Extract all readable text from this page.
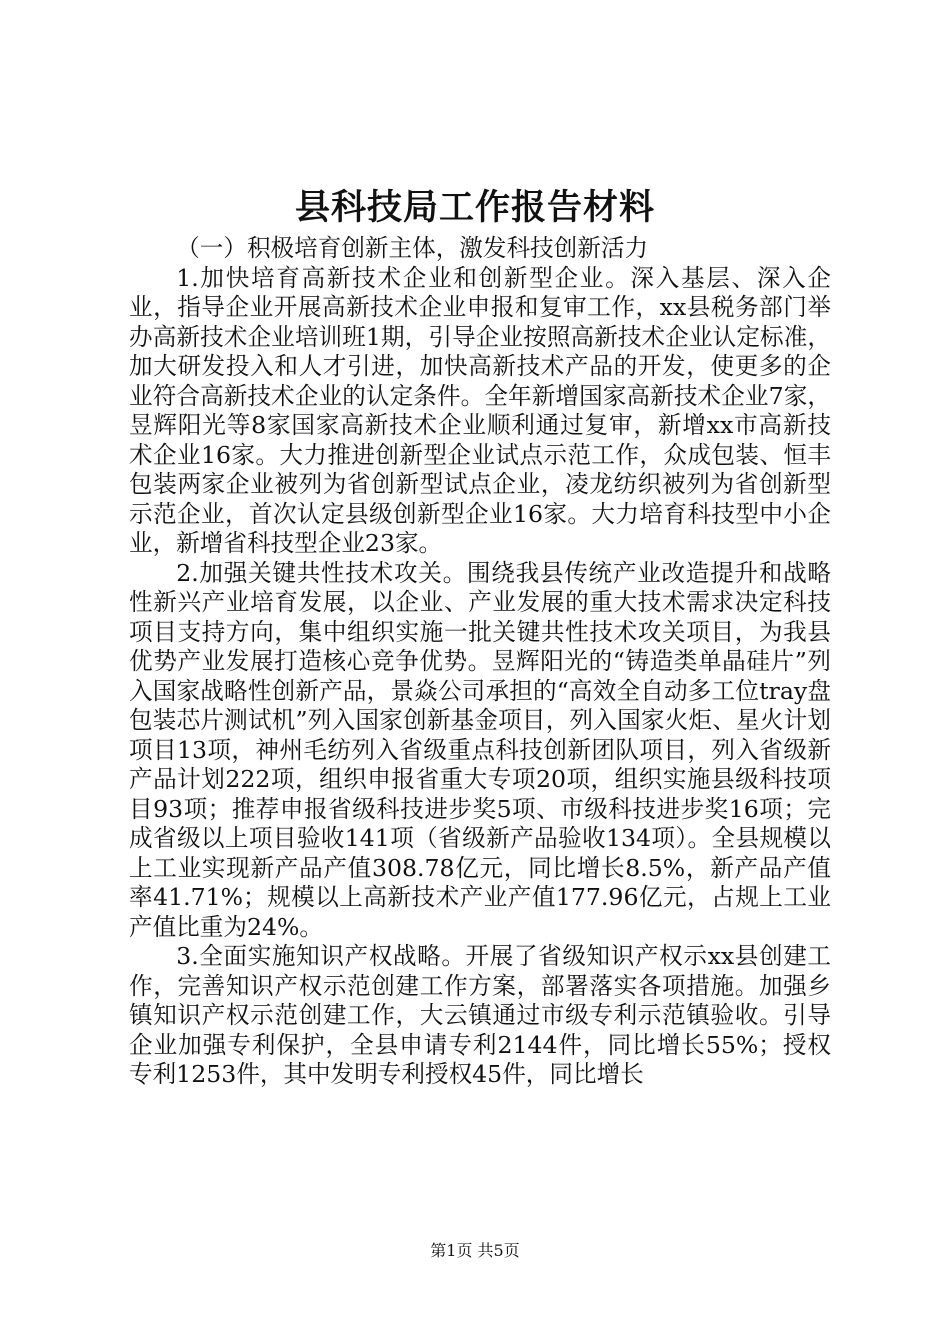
县科技局工作报告材料

（一）积极培育创新主体，激发科技创新活力

1.加快培育高新技术企业和创新型企业。深入基层、深入企业，指导企业开展高新技术企业申报和复审工作，xx县税务部门举办高新技术企业培训班1期，引导企业按照高新技术企业认定标准，加大研发投入和人才引进，加快高新技术产品的开发，使更多的企业符合高新技术企业的认定条件。全年新增国家高新技术企业7家，昱辉阳光等8家国家高新技术企业顺利通过复审，新增xx市高新技术企业16家。大力推进创新型企业试点示范工作，众成包装、恒丰包装两家企业被列为省创新型试点企业，凌龙纺织被列为省创新型示范企业，首次认定县级创新型企业16家。大力培育科技型中小企业，新增省科技型企业23家。

2.加强关键共性技术攻关。围绕我县传统产业改造提升和战略性新兴产业培育发展，以企业、产业发展的重大技术需求决定科技项目支持方向，集中组织实施一批关键共性技术攻关项目，为我县优势产业发展打造核心竞争优势。昱辉阳光的“铸造类单晶硅片”列入国家战略性创新产品，景焱公司承担的“高效全自动多工位tray盘包装芯片测试机”列入国家创新基金项目，列入国家火炬、星火计划项目13项，神州毛纺列入省级重点科技创新团队项目，列入省级新产品计划222项，组织申报省重大专项20项，组织实施县级科技项目93项；推荐申报省级科技进步奖5项、市级科技进步奖16项；完成省级以上项目验收141项（省级新产品验收134项）。全县规模以上工业实现新产品产值308.78亿元，同比增长8.5%，新产品产值率41.71%；规模以上高新技术产业产值177.96亿元，占规上工业产值比重为24%。

3.全面实施知识产权战略。开展了省级知识产权示xx县创建工作，完善知识产权示范创建工作方案，部署落实各项措施。加强乡镇知识产权示范创建工作，大云镇通过市级专利示范镇验收。引导企业加强专利保护，全县申请专利2144件，同比增长55%；授权专利1253件，其中发明专利授权45件，同比增长

第1页 共5页
